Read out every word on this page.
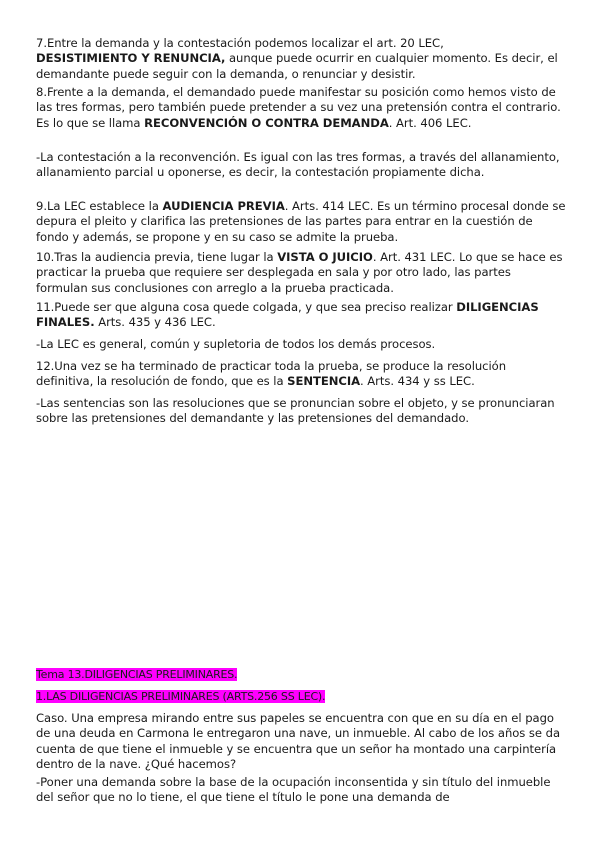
7.Entre la demanda y la contestación podemos localizar el art. 20 LEC,
DESISTIMIENTO Y RENUNCIA, aunque puede ocurrir en cualquier momento. Es decir, el demandante puede seguir con la demanda, o renunciar y desistir.

8.Frente a la demanda, el demandado puede manifestar su posición como hemos visto de las tres formas, pero también puede pretender a su vez una pretensión contra el contrario. Es lo que se llama RECONVENCIÓN O CONTRA DEMANDA. Art. 406 LEC.

-La contestación a la reconvención. Es igual con las tres formas, a través del allanamiento, allanamiento parcial u oponerse, es decir, la contestación propiamente dicha.

9.La LEC establece la AUDIENCIA PREVIA. Arts. 414 LEC. Es un término procesal donde se depura el pleito y clarifica las pretensiones de las partes para entrar en la cuestión de fondo y además, se propone y en su caso se admite la prueba.

10.Tras la audiencia previa, tiene lugar la VISTA O JUICIO. Art. 431 LEC. Lo que se hace es practicar la prueba que requiere ser desplegada en sala y por otro lado, las partes formulan sus conclusiones con arreglo a la prueba practicada.

11.Puede ser que alguna cosa quede colgada, y que sea preciso realizar DILIGENCIAS FINALES. Arts. 435 y 436 LEC.

-La LEC es general, común y supletoria de todos los demás procesos.

12.Una vez se ha terminado de practicar toda la prueba, se produce la resolución definitiva, la resolución de fondo, que es la SENTENCIA. Arts. 434 y ss LEC.

-Las sentencias son las resoluciones que se pronuncian sobre el objeto, y se pronunciaran sobre las pretensiones del demandante y las pretensiones del demandado.

Tema 13.DILIGENCIAS PRELIMINARES.

1.LAS DILIGENCIAS PRELIMINARES (ARTS.256 SS LEC).

Caso. Una empresa mirando entre sus papeles se encuentra con que en su día en el pago de una deuda en Carmona le entregaron una nave, un inmueble. Al cabo de los años se da cuenta de que tiene el inmueble y se encuentra que un señor ha montado una carpintería dentro de la nave. ¿Qué hacemos?

-Poner una demanda sobre la base de la ocupación inconsentida y sin título del inmueble del señor que no lo tiene, el que tiene el título le pone una demanda de
